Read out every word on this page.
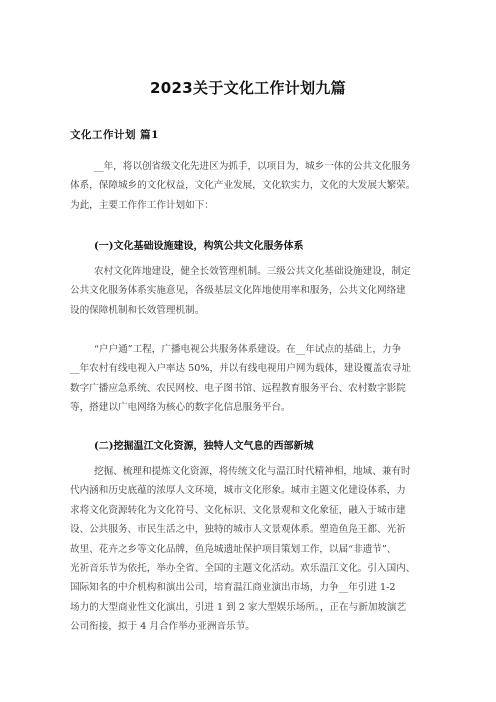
2023关于文化工作计划九篇
文化工作计划 篇1
__年，将以创省级文化先进区为抓手，以项目为，城乡一体的公共文化服务
体系，保障城乡的文化权益，文化产业发展，文化软实力，文化的大发展大繁荣。
为此，主要工作作工作计划如下：
(一)文化基础设施建设，构筑公共文化服务体系
农村文化阵地建设，健全长效管理机制。三级公共文化基础设施建设，制定
公共文化服务体系实施意见，各级基层文化阵地使用率和服务，公共文化网络建
设的保障机制和长效管理机制。
“户户通”工程，广播电视公共服务体系建设。在__年试点的基础上，力争
__年农村有线电视入户率达 50%，并以有线电视用户网为载体，建设覆盖农寻址
数字广播应急系统、农民网校、电子图书馆、远程教育服务平台、农村数字影院
等，搭建以广电网络为核心的数字化信息服务平台。
(二)挖掘温江文化资源，独特人文气息的西部新城
挖掘、梳理和提炼文化资源，将传统文化与温江时代精神相，地域、兼有时
代内涵和历史底蕴的浓厚人文环境，城市文化形象。城市主题文化建设体系，力
求将文化资源转化为文化符号、文化标识、文化景观和文化象征，融入于城市建
设、公共服务、市民生活之中，独特的城市人文景观体系。塑造鱼凫王都、光祈
故里、花卉之乡等文化品牌，鱼凫城遗址保护项目策划工作，以届“非遗节”、
光祈音乐节为依托，举办全省、全国的主题文化活动。欢乐温江文化。引入国内、
国际知名的中介机构和演出公司，培育温江商业演出市场，力争__年引进 1-2
场力的大型商业性文化演出，引进 1 到 2 家大型娱乐场所。，正在与新加坡演艺
公司衔接，拟于 4 月合作举办亚洲音乐节。
